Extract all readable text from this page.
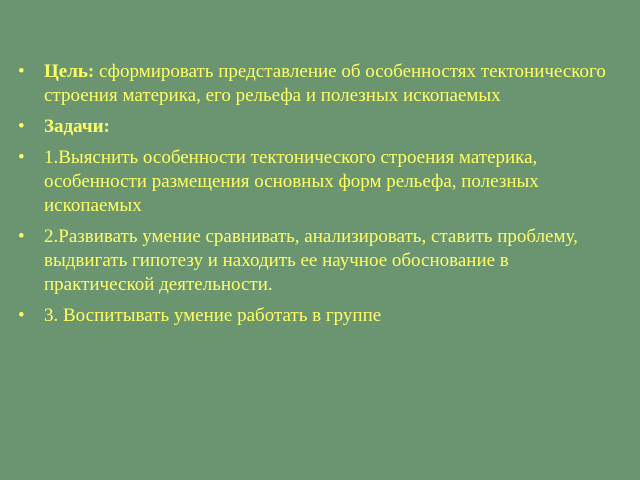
• Цель: сформировать представление об особенностях тектонического строения материка, его рельефа и полезных ископаемых
• Задачи:
• 1.Выяснить особенности тектонического строения материка, особенности размещения основных форм рельефа, полезных ископаемых
• 2.Развивать умение сравнивать, анализировать, ставить проблему, выдвигать гипотезу и находить ее научное обоснование в практической деятельности.
• 3. Воспитывать умение работать в группе
